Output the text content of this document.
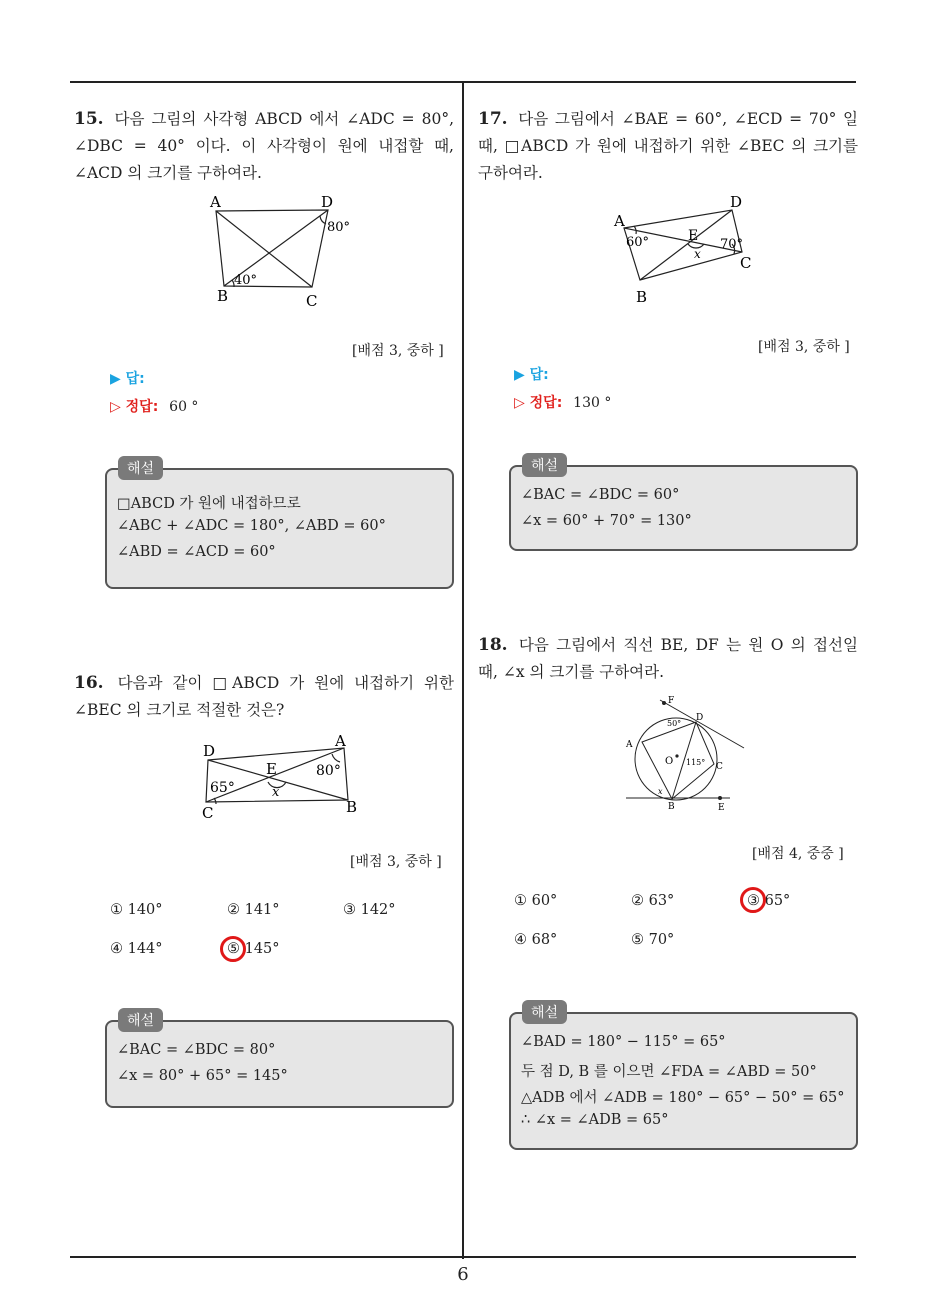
15. 다음 그림의 사각형 ABCD 에서 ∠ADC = 80°, ∠DBC = 40° 이다. 이 사각형이 원에 내접할 때, ∠ACD 의 크기를 구하여라.
A	D
B	C
80°
40°
[배점 3, 중하 ]
▶ 답:
▷ 정답: 60 °
□ABCD 가 원에 내접하므로
∠ABC + ∠ADC = 180°, ∠ABD = 60°
∠ABD = ∠ACD = 60°
해설
16. 다음과 같이 □ABCD 가 원에 내접하기 위한 ∠BEC 의 크기로 적절한 것은?
D
A
E
B
C
80°
65°	x
[배점 3, 중하 ]
① 140°	② 141°	③ 142°
④ 144°	⑤ 145°
∠BAC = ∠BDC = 80°
∠x = 80° + 65° = 145°
해설
17. 다음 그림에서 ∠BAE = 60°, ∠ECD = 70° 일 때, □ABCD 가 원에 내접하기 위한 ∠BEC 의 크기를 구하여라.
A
D
E
C
B
60°	70°
x
[배점 3, 중하 ]
▶ 답:
▷ 정답: 130 °
∠BAC = ∠BDC = 60°
∠x = 60° + 70° = 130°
해설
18. 다음 그림에서 직선 BE, DF 는 원 O 의 접선일 때, ∠x 의 크기를 구하여라.
F
D
A
O	C
B	E
50°
115°
x
[배점 4, 중중 ]
① 60°	② 63°	③ 65°
④ 68°	⑤ 70°
∠BAD = 180° − 115° = 65°
두 점 D, B 를 이으면 ∠FDA = ∠ABD = 50°
△ADB 에서 ∠ADB = 180° − 65° − 50° = 65°
∴ ∠x = ∠ADB = 65°
해설
6
